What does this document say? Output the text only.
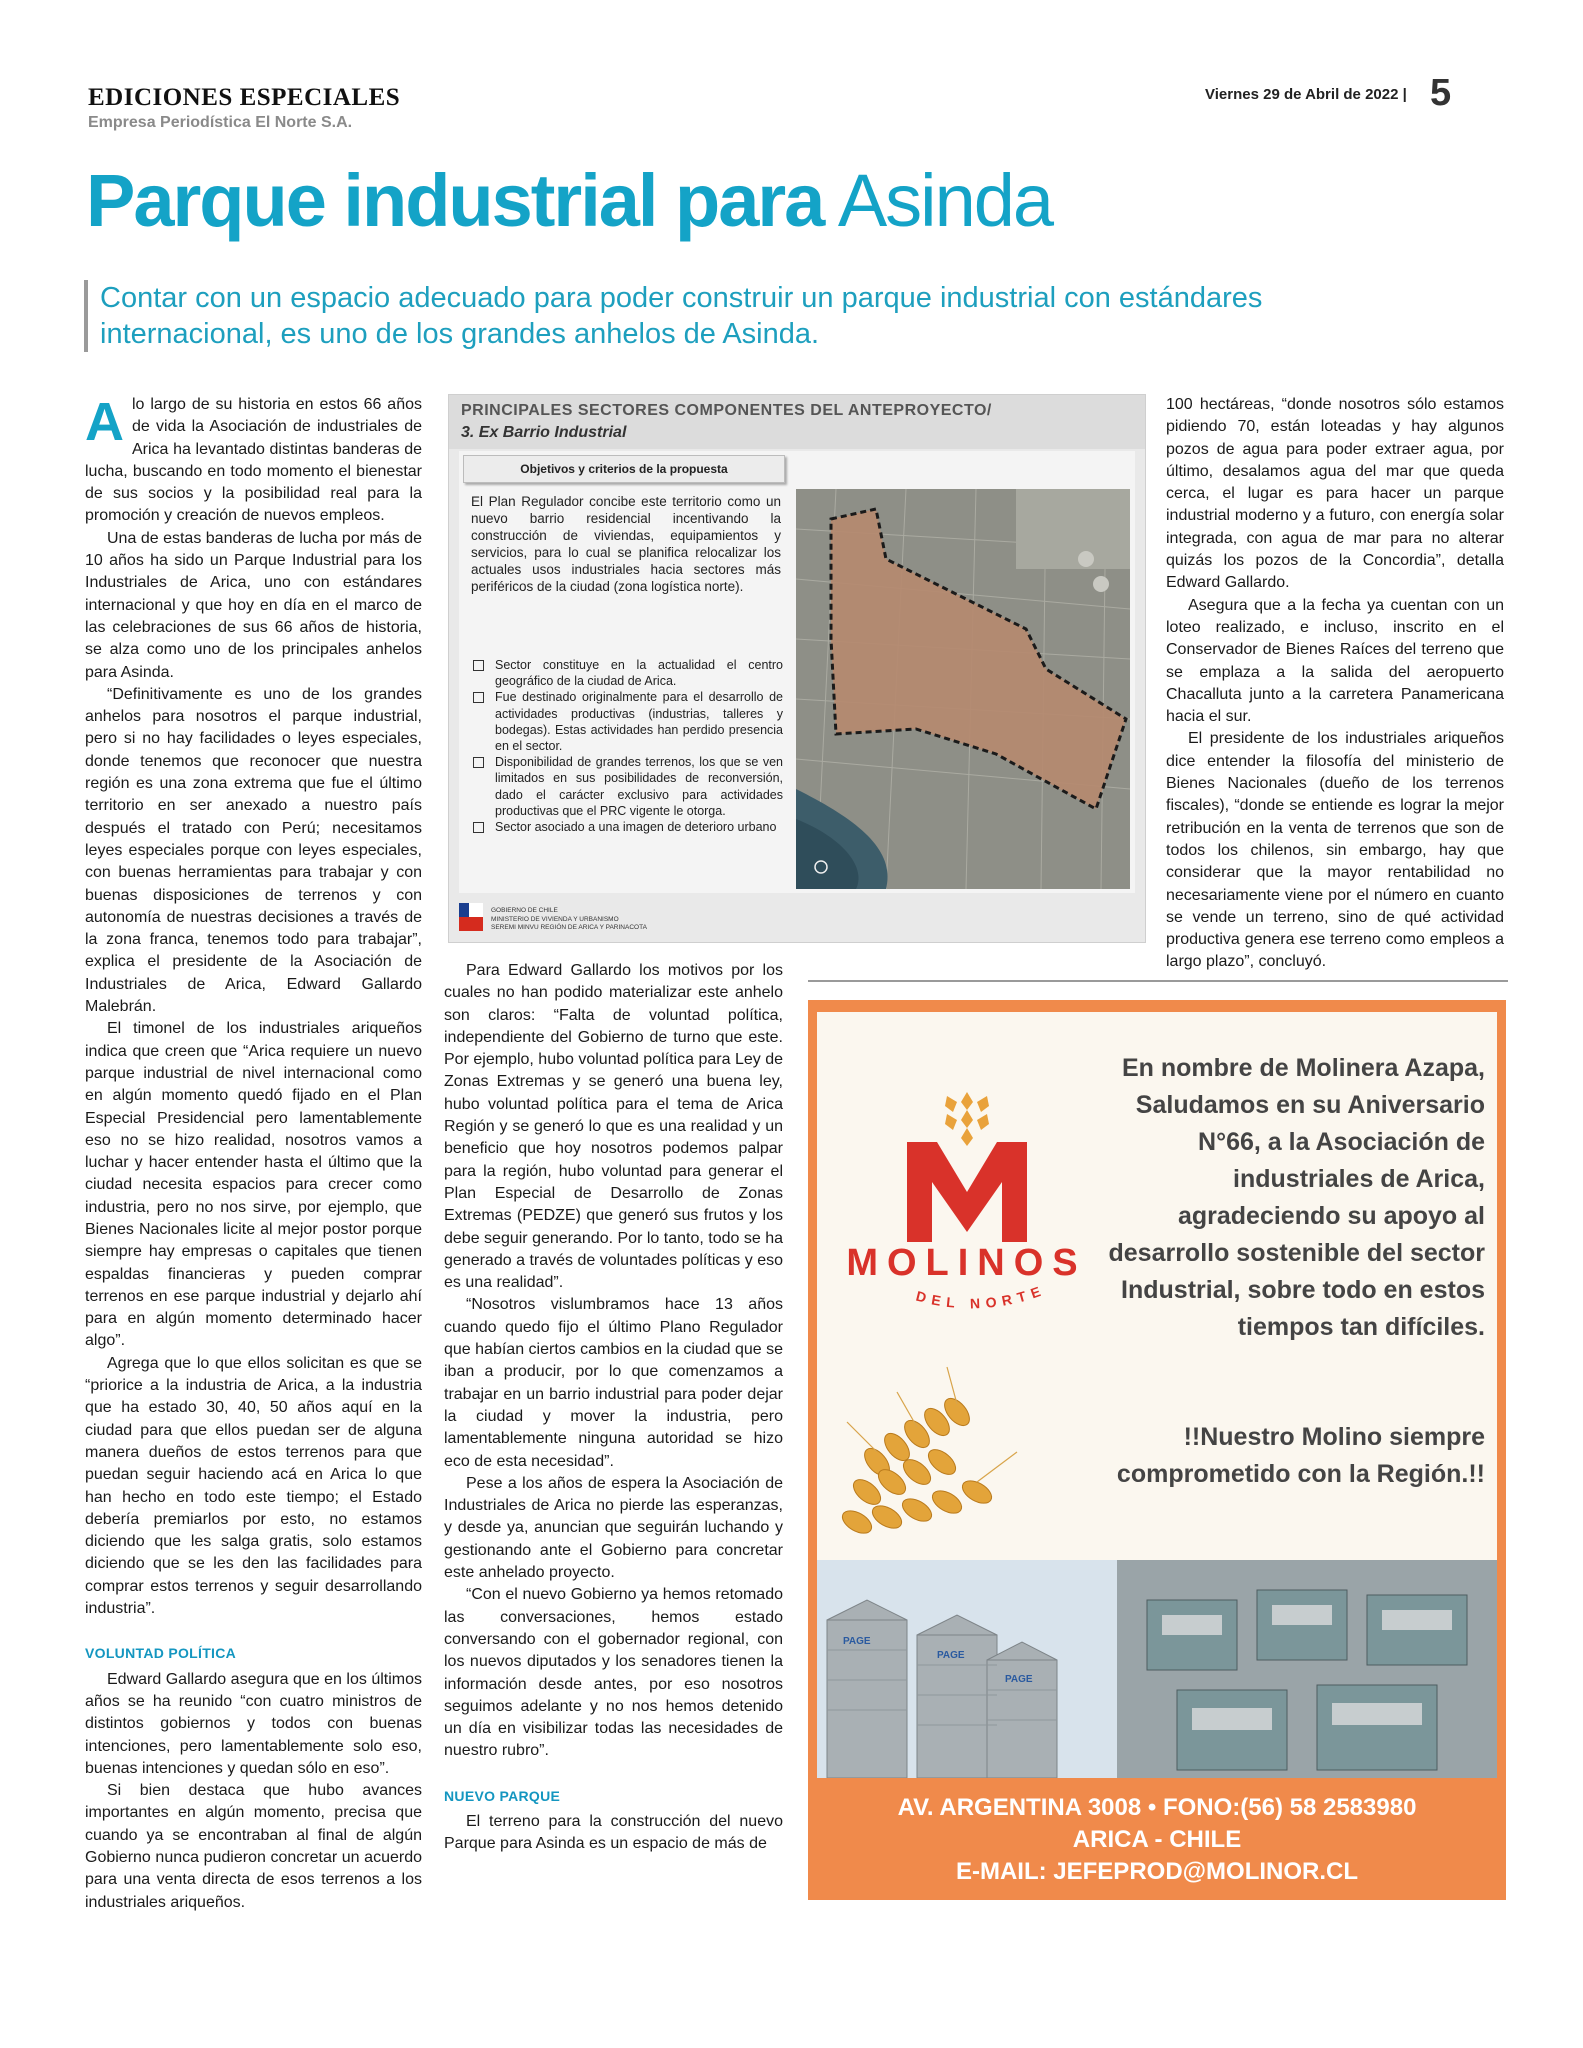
EDICIONES ESPECIALES
Empresa Periodística El Norte S.A.
Viernes 29 de Abril de 2022 | 5
Parque industrial para Asinda
Contar con un espacio adecuado para poder construir un parque industrial con estándares internacional, es uno de los grandes anhelos de Asinda.

Alo largo de su historia en estos 66 años de vida la Asociación de industriales de Arica ha levantado distintas banderas de lucha, buscando en todo momento el bienestar de sus socios y la posibilidad real para la promoción y creación de nuevos empleos.

Una de estas banderas de lucha por más de 10 años ha sido un Parque Industrial para los Industriales de Arica, uno con estándares internacional y que hoy en día en el marco de las celebraciones de sus 66 años de historia, se alza como uno de los principales anhelos para Asinda.

“Definitivamente es uno de los grandes anhelos para nosotros el parque industrial, pero si no hay facilidades o leyes especiales, donde tenemos que reconocer que nuestra región es una zona extrema que fue el último territorio en ser anexado a nuestro país después el tratado con Perú; necesitamos leyes especiales porque con leyes especiales, con buenas herramientas para trabajar y con buenas disposiciones de terrenos y con autonomía de nuestras decisiones a través de la zona franca, tenemos todo para trabajar”, explica el presidente de la Asociación de Industriales de Arica, Edward Gallardo Malebrán.

El timonel de los industriales ariqueños indica que creen que “Arica requiere un nuevo parque industrial de nivel internacional como en algún momento quedó fijado en el Plan Especial Presidencial pero lamentablemente eso no se hizo realidad, nosotros vamos a luchar y hacer entender hasta el último que la ciudad necesita espacios para crecer como industria, pero no nos sirve, por ejemplo, que Bienes Nacionales licite al mejor postor porque siempre hay empresas o capitales que tienen espaldas financieras y pueden comprar terrenos en ese parque industrial y dejarlo ahí para en algún momento determinado hacer algo”.

Agrega que lo que ellos solicitan es que se “priorice a la industria de Arica, a la industria que ha estado 30, 40, 50 años aquí en la ciudad para que ellos puedan ser de alguna manera dueños de estos terrenos para que puedan seguir haciendo acá en Arica lo que han hecho en todo este tiempo; el Estado debería premiarlos por esto, no estamos diciendo que les salga gratis, solo estamos diciendo que se les den las facilidades para comprar estos terrenos y seguir desarrollando industria”.

VOLUNTAD POLÍTICA

Edward Gallardo asegura que en los últimos años se ha reunido “con cuatro ministros de distintos gobiernos y todos con buenas intenciones, pero lamentablemente solo eso, buenas intenciones y quedan sólo en eso”.

Si bien destaca que hubo avances importantes en algún momento, precisa que cuando ya se encontraban al final de algún Gobierno nunca pudieron concretar un acuerdo para una venta directa de esos terrenos a los industriales ariqueños.

PRINCIPALES SECTORES COMPONENTES DEL ANTEPROYECTO/
3. Ex Barrio Industrial
Objetivos y criterios de la propuesta
El Plan Regulador concibe este territorio como un nuevo barrio residencial incentivando la construcción de viviendas, equipamientos y servicios, para lo cual se planifica relocalizar los actuales usos industriales hacia sectores más periféricos de la ciudad (zona logística norte).
Sector constituye en la actualidad el centro geográfico de la ciudad de Arica.
Fue destinado originalmente para el desarrollo de actividades productivas (industrias, talleres y bodegas). Estas actividades han perdido presencia en el sector.
Disponibilidad de grandes terrenos, los que se ven limitados en sus posibilidades de reconversión, dado el carácter exclusivo para actividades productivas que el PRC vigente le otorga.
Sector asociado a una imagen de deterioro urbano
GOBIERNO DE CHILE
MINISTERIO DE VIVIENDA Y URBANISMO
SEREMI MINVU REGIÓN DE ARICA Y PARINACOTA

Para Edward Gallardo los motivos por los cuales no han podido materializar este anhelo son claros: “Falta de voluntad política, independiente del Gobierno de turno que este. Por ejemplo, hubo voluntad política para Ley de Zonas Extremas y se generó una buena ley, hubo voluntad política para el tema de Arica Región y se generó lo que es una realidad y un beneficio que hoy nosotros podemos palpar para la región, hubo voluntad para generar el Plan Especial de Desarrollo de Zonas Extremas (PEDZE) que generó sus frutos y los debe seguir generando. Por lo tanto, todo se ha generado a través de voluntades políticas y eso es una realidad”.

“Nosotros vislumbramos hace 13 años cuando quedo fijo el último Plano Regulador que habían ciertos cambios en la ciudad que se iban a producir, por lo que comenzamos a trabajar en un barrio industrial para poder dejar la ciudad y mover la industria, pero lamentablemente ninguna autoridad se hizo eco de esta necesidad”.

Pese a los años de espera la Asociación de Industriales de Arica no pierde las esperanzas, y desde ya, anuncian que seguirán luchando y gestionando ante el Gobierno para concretar este anhelado proyecto.

“Con el nuevo Gobierno ya hemos retomado las conversaciones, hemos estado conversando con el gobernador regional, con los nuevos diputados y los senadores tienen la información desde antes, por eso nosotros seguimos adelante y no nos hemos detenido un día en visibilizar todas las necesidades de nuestro rubro”.

NUEVO PARQUE

El terreno para la construcción del nuevo Parque para Asinda es un espacio de más de

100 hectáreas, “donde nosotros sólo estamos pidiendo 70, están loteadas y hay algunos pozos de agua para poder extraer agua, por último, desalamos agua del mar que queda cerca, el lugar es para hacer un parque industrial moderno y a futuro, con energía solar integrada, con agua de mar para no alterar quizás los pozos de la Concordia”, detalla Edward Gallardo.

Asegura que a la fecha ya cuentan con un loteo realizado, e incluso, inscrito en el Conservador de Bienes Raíces del terreno que se emplaza a la salida del aeropuerto Chacalluta junto a la carretera Panamericana hacia el sur.

El presidente de los industriales ariqueños dice entender la filosofía del ministerio de Bienes Nacionales (dueño de los terrenos fiscales), “donde se entiende es lograr la mejor retribución en la venta de terrenos que son de todos los chilenos, sin embargo, hay que considerar que la mayor rentabilidad no necesariamente viene por el número en cuanto se vende un terreno, sino de qué actividad productiva genera ese terreno como empleos a largo plazo”, concluyó.

MOLINOS
DEL NORTE
En nombre de Molinera Azapa, Saludamos en su Aniversario N°66, a la Asociación de industriales de Arica, agradeciendo su apoyo al desarrollo sostenible del sector Industrial, sobre todo en estos tiempos tan difíciles.
!!Nuestro Molino siempre comprometido con la Región.!!
PAGE
PAGE
PAGE
AV. ARGENTINA 3008 • FONO:(56) 58 2583980
ARICA - CHILE
E-MAIL: JEFEPROD@MOLINOR.CL
